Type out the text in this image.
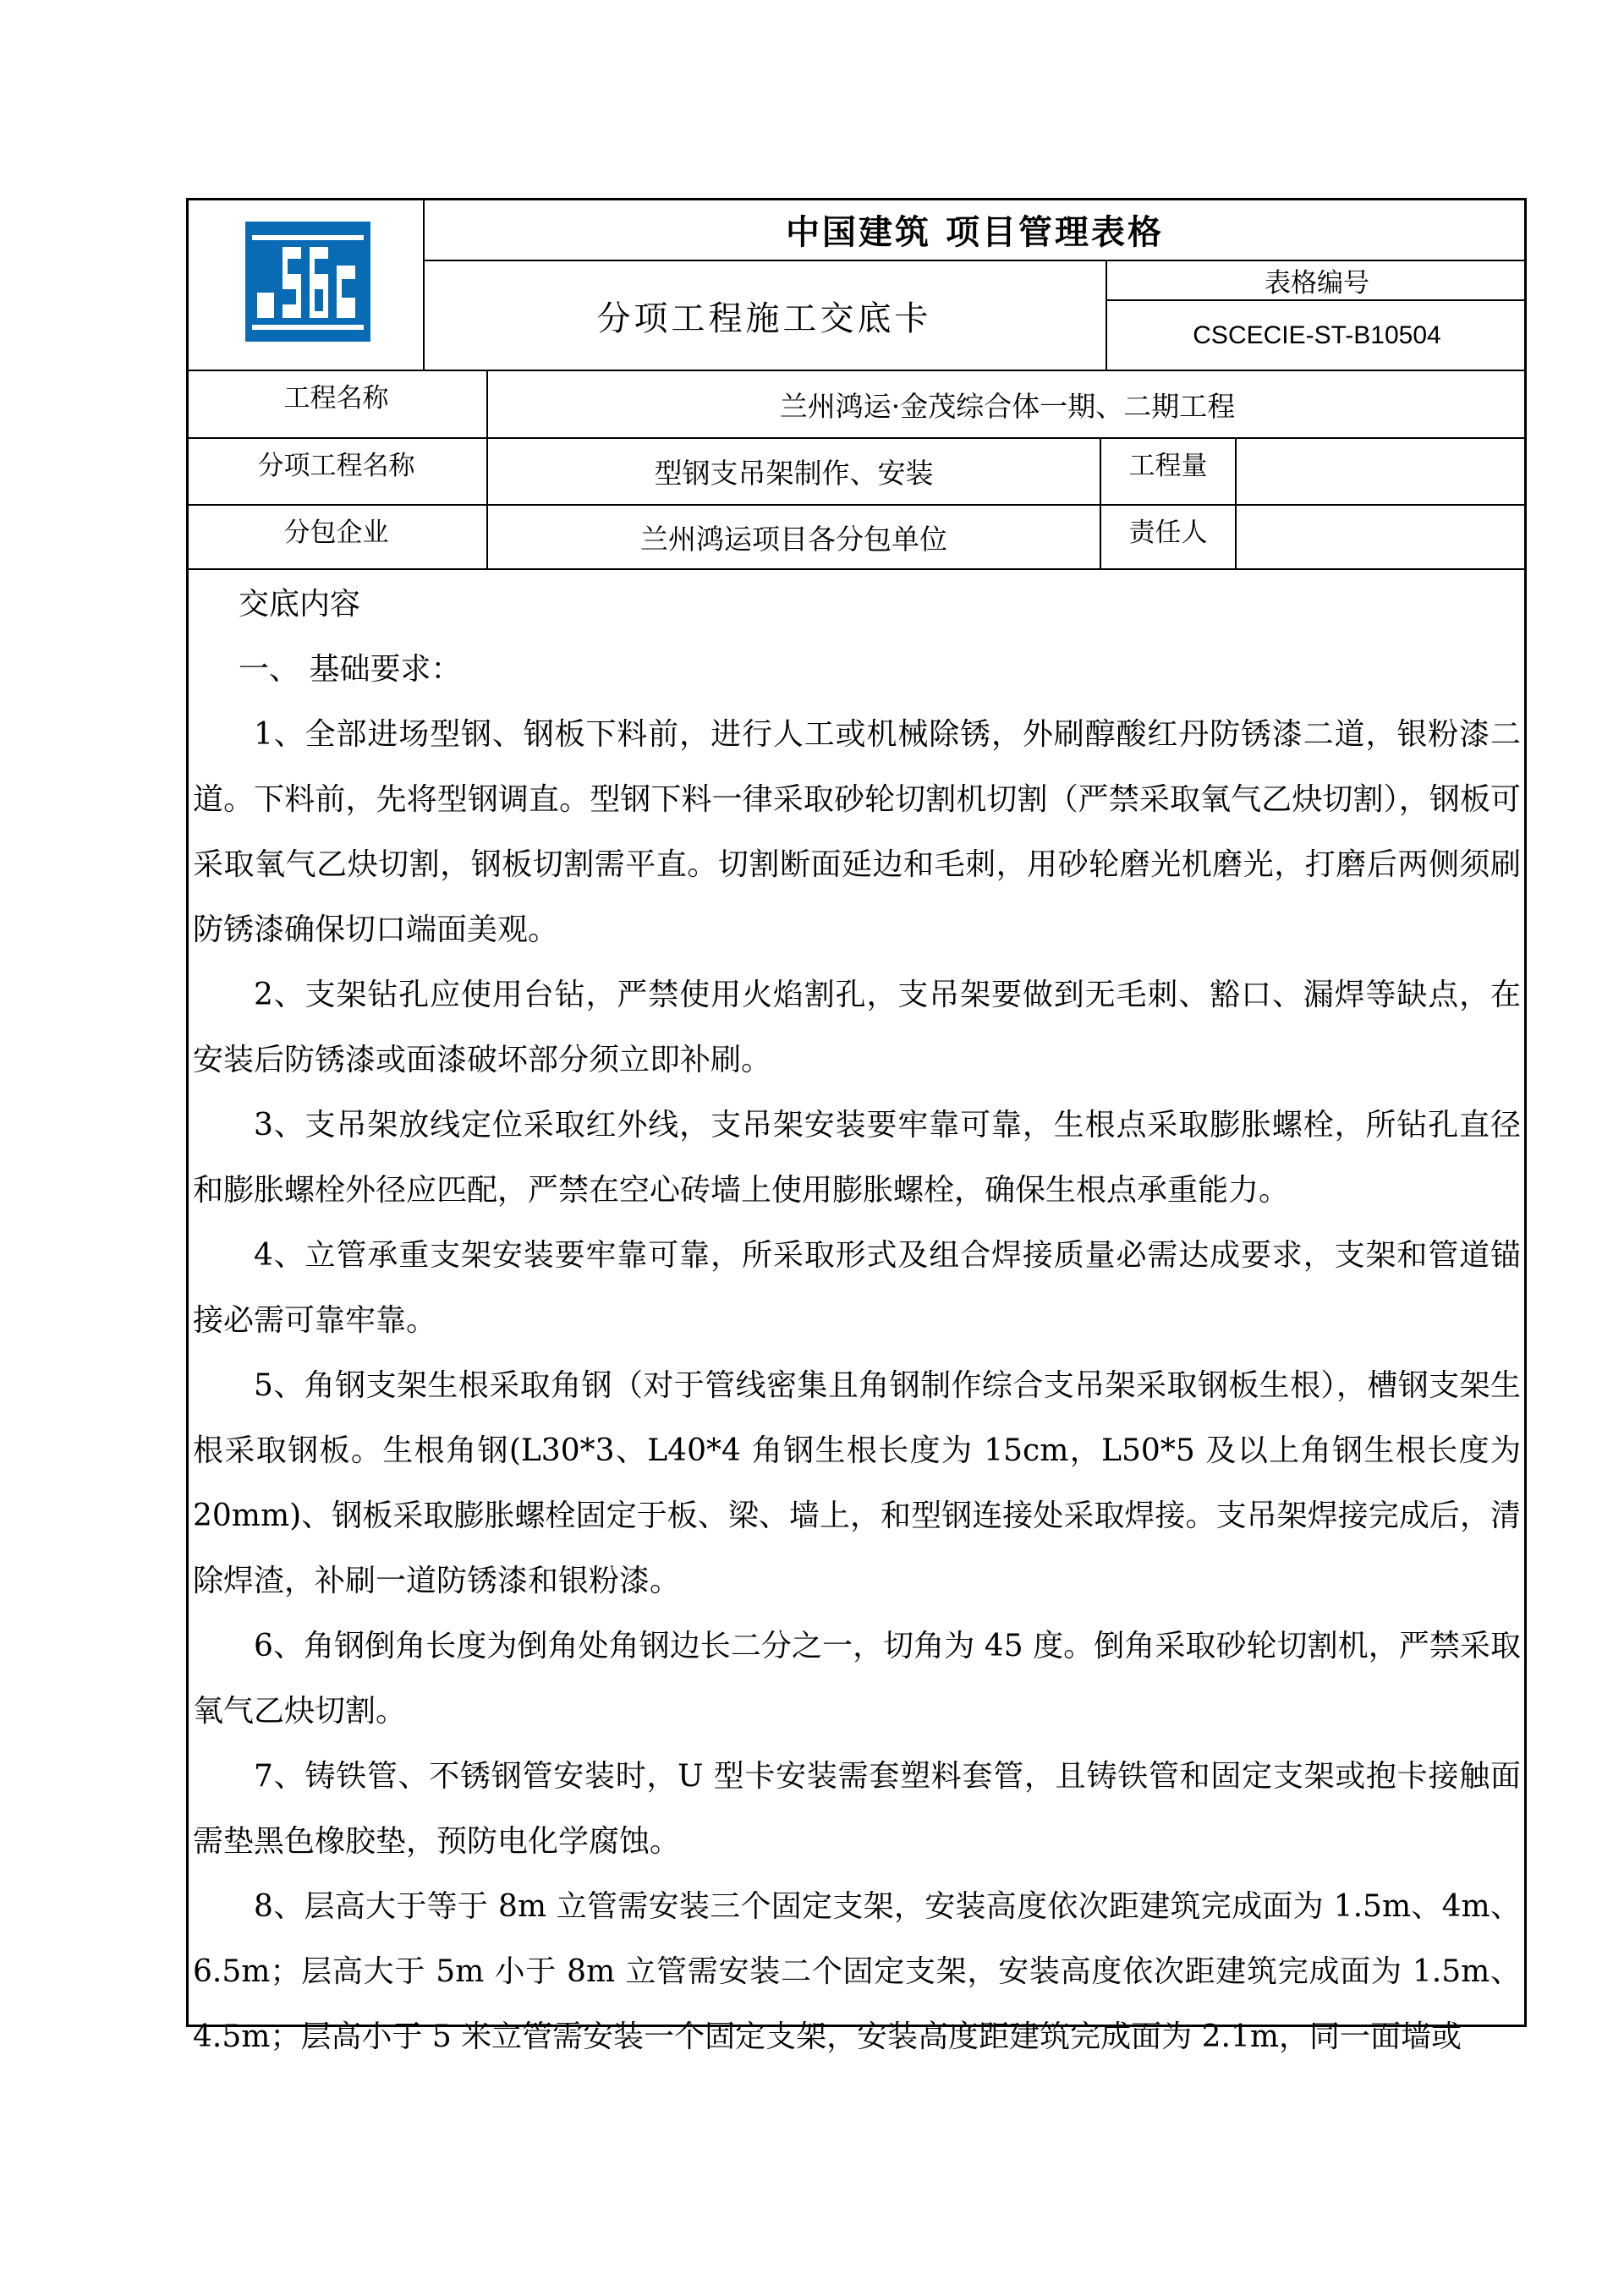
中国建筑 项目管理表格
分项工程施工交底卡
表格编号
CSCECIE-ST-B10504
工程名称	兰州鸿运·金茂综合体一期、二期工程
分项工程名称	型钢支吊架制作、安装	工程量
分包企业	兰州鸿运项目各分包单位	责任人

交底内容

一、 基础要求：

1、全部进场型钢、钢板下料前，进行人工或机械除锈，外刷醇酸红丹防锈漆二道，银粉漆二道。下料前，先将型钢调直。型钢下料一律采取砂轮切割机切割（严禁采取氧气乙炔切割），钢板可采取氧气乙炔切割，钢板切割需平直。切割断面延边和毛刺，用砂轮磨光机磨光，打磨后两侧须刷防锈漆确保切口端面美观。

2、支架钻孔应使用台钻，严禁使用火焰割孔，支吊架要做到无毛刺、豁口、漏焊等缺点，在安装后防锈漆或面漆破坏部分须立即补刷。

3、支吊架放线定位采取红外线，支吊架安装要牢靠可靠，生根点采取膨胀螺栓，所钻孔直径和膨胀螺栓外径应匹配，严禁在空心砖墙上使用膨胀螺栓，确保生根点承重能力。

4、立管承重支架安装要牢靠可靠，所采取形式及组合焊接质量必需达成要求，支架和管道锚接必需可靠牢靠。

5、角钢支架生根采取角钢（对于管线密集且角钢制作综合支吊架采取钢板生根），槽钢支架生根采取钢板。生根角钢(L30*3、L40*4 角钢生根长度为 15cm，L50*5 及以上角钢生根长度为 20mm)、钢板采取膨胀螺栓固定于板、梁、墙上，和型钢连接处采取焊接。支吊架焊接完成后，清除焊渣，补刷一道防锈漆和银粉漆。

6、角钢倒角长度为倒角处角钢边长二分之一，切角为 45 度。倒角采取砂轮切割机，严禁采取氧气乙炔切割。

7、铸铁管、不锈钢管安装时，U 型卡安装需套塑料套管，且铸铁管和固定支架或抱卡接触面需垫黑色橡胶垫，预防电化学腐蚀。

8、层高大于等于 8m 立管需安装三个固定支架，安装高度依次距建筑完成面为 1.5m、4m、6.5m；层高大于 5m 小于 8m 立管需安装二个固定支架，安装高度依次距建筑完成面为 1.5m、4.5m；层高小于 5 米立管需安装一个固定支架，安装高度距建筑完成面为 2.1m，同一面墙或
